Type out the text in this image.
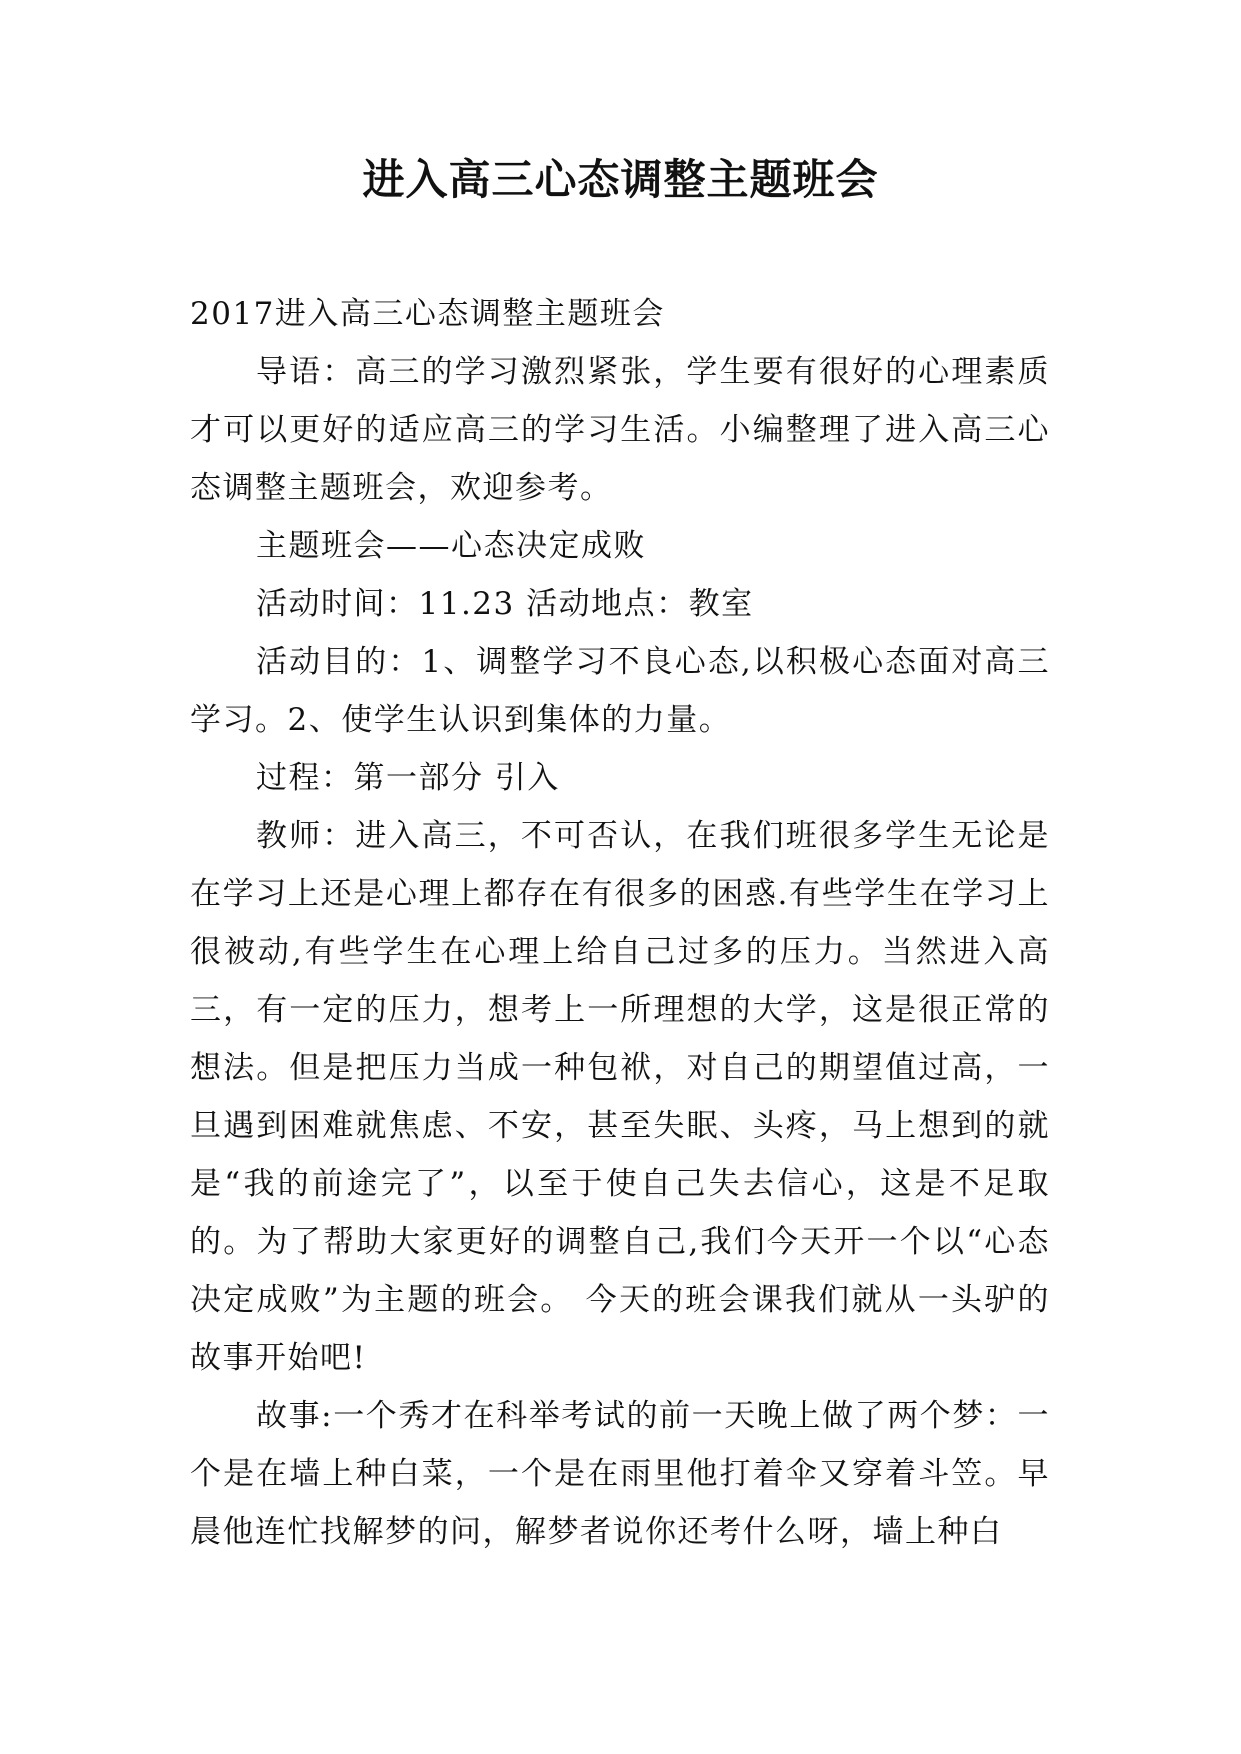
进入高三心态调整主题班会

2017进入高三心态调整主题班会

导语：高三的学习激烈紧张，学生要有很好的心理素质才可以更好的适应高三的学习生活。小编整理了进入高三心态调整主题班会，欢迎参考。

主题班会——心态决定成败

活动时间：11.23 活动地点：教室

活动目的：1、调整学习不良心态,以积极心态面对高三学习。2、使学生认识到集体的力量。

过程：第一部分 引入

教师：进入高三，不可否认，在我们班很多学生无论是在学习上还是心理上都存在有很多的困惑.有些学生在学习上很被动,有些学生在心理上给自己过多的压力。当然进入高三，有一定的压力，想考上一所理想的大学，这是很正常的想法。但是把压力当成一种包袱，对自己的期望值过高，一旦遇到困难就焦虑、不安，甚至失眠、头疼，马上想到的就是“我的前途完了”，以至于使自己失去信心，这是不足取的。为了帮助大家更好的调整自己,我们今天开一个以“心态决定成败”为主题的班会。 今天的班会课我们就从一头驴的故事开始吧!

故事:一个秀才在科举考试的前一天晚上做了两个梦：一个是在墙上种白菜，一个是在雨里他打着伞又穿着斗笠。早晨他连忙找解梦的问，解梦者说你还考什么呀，墙上种白
